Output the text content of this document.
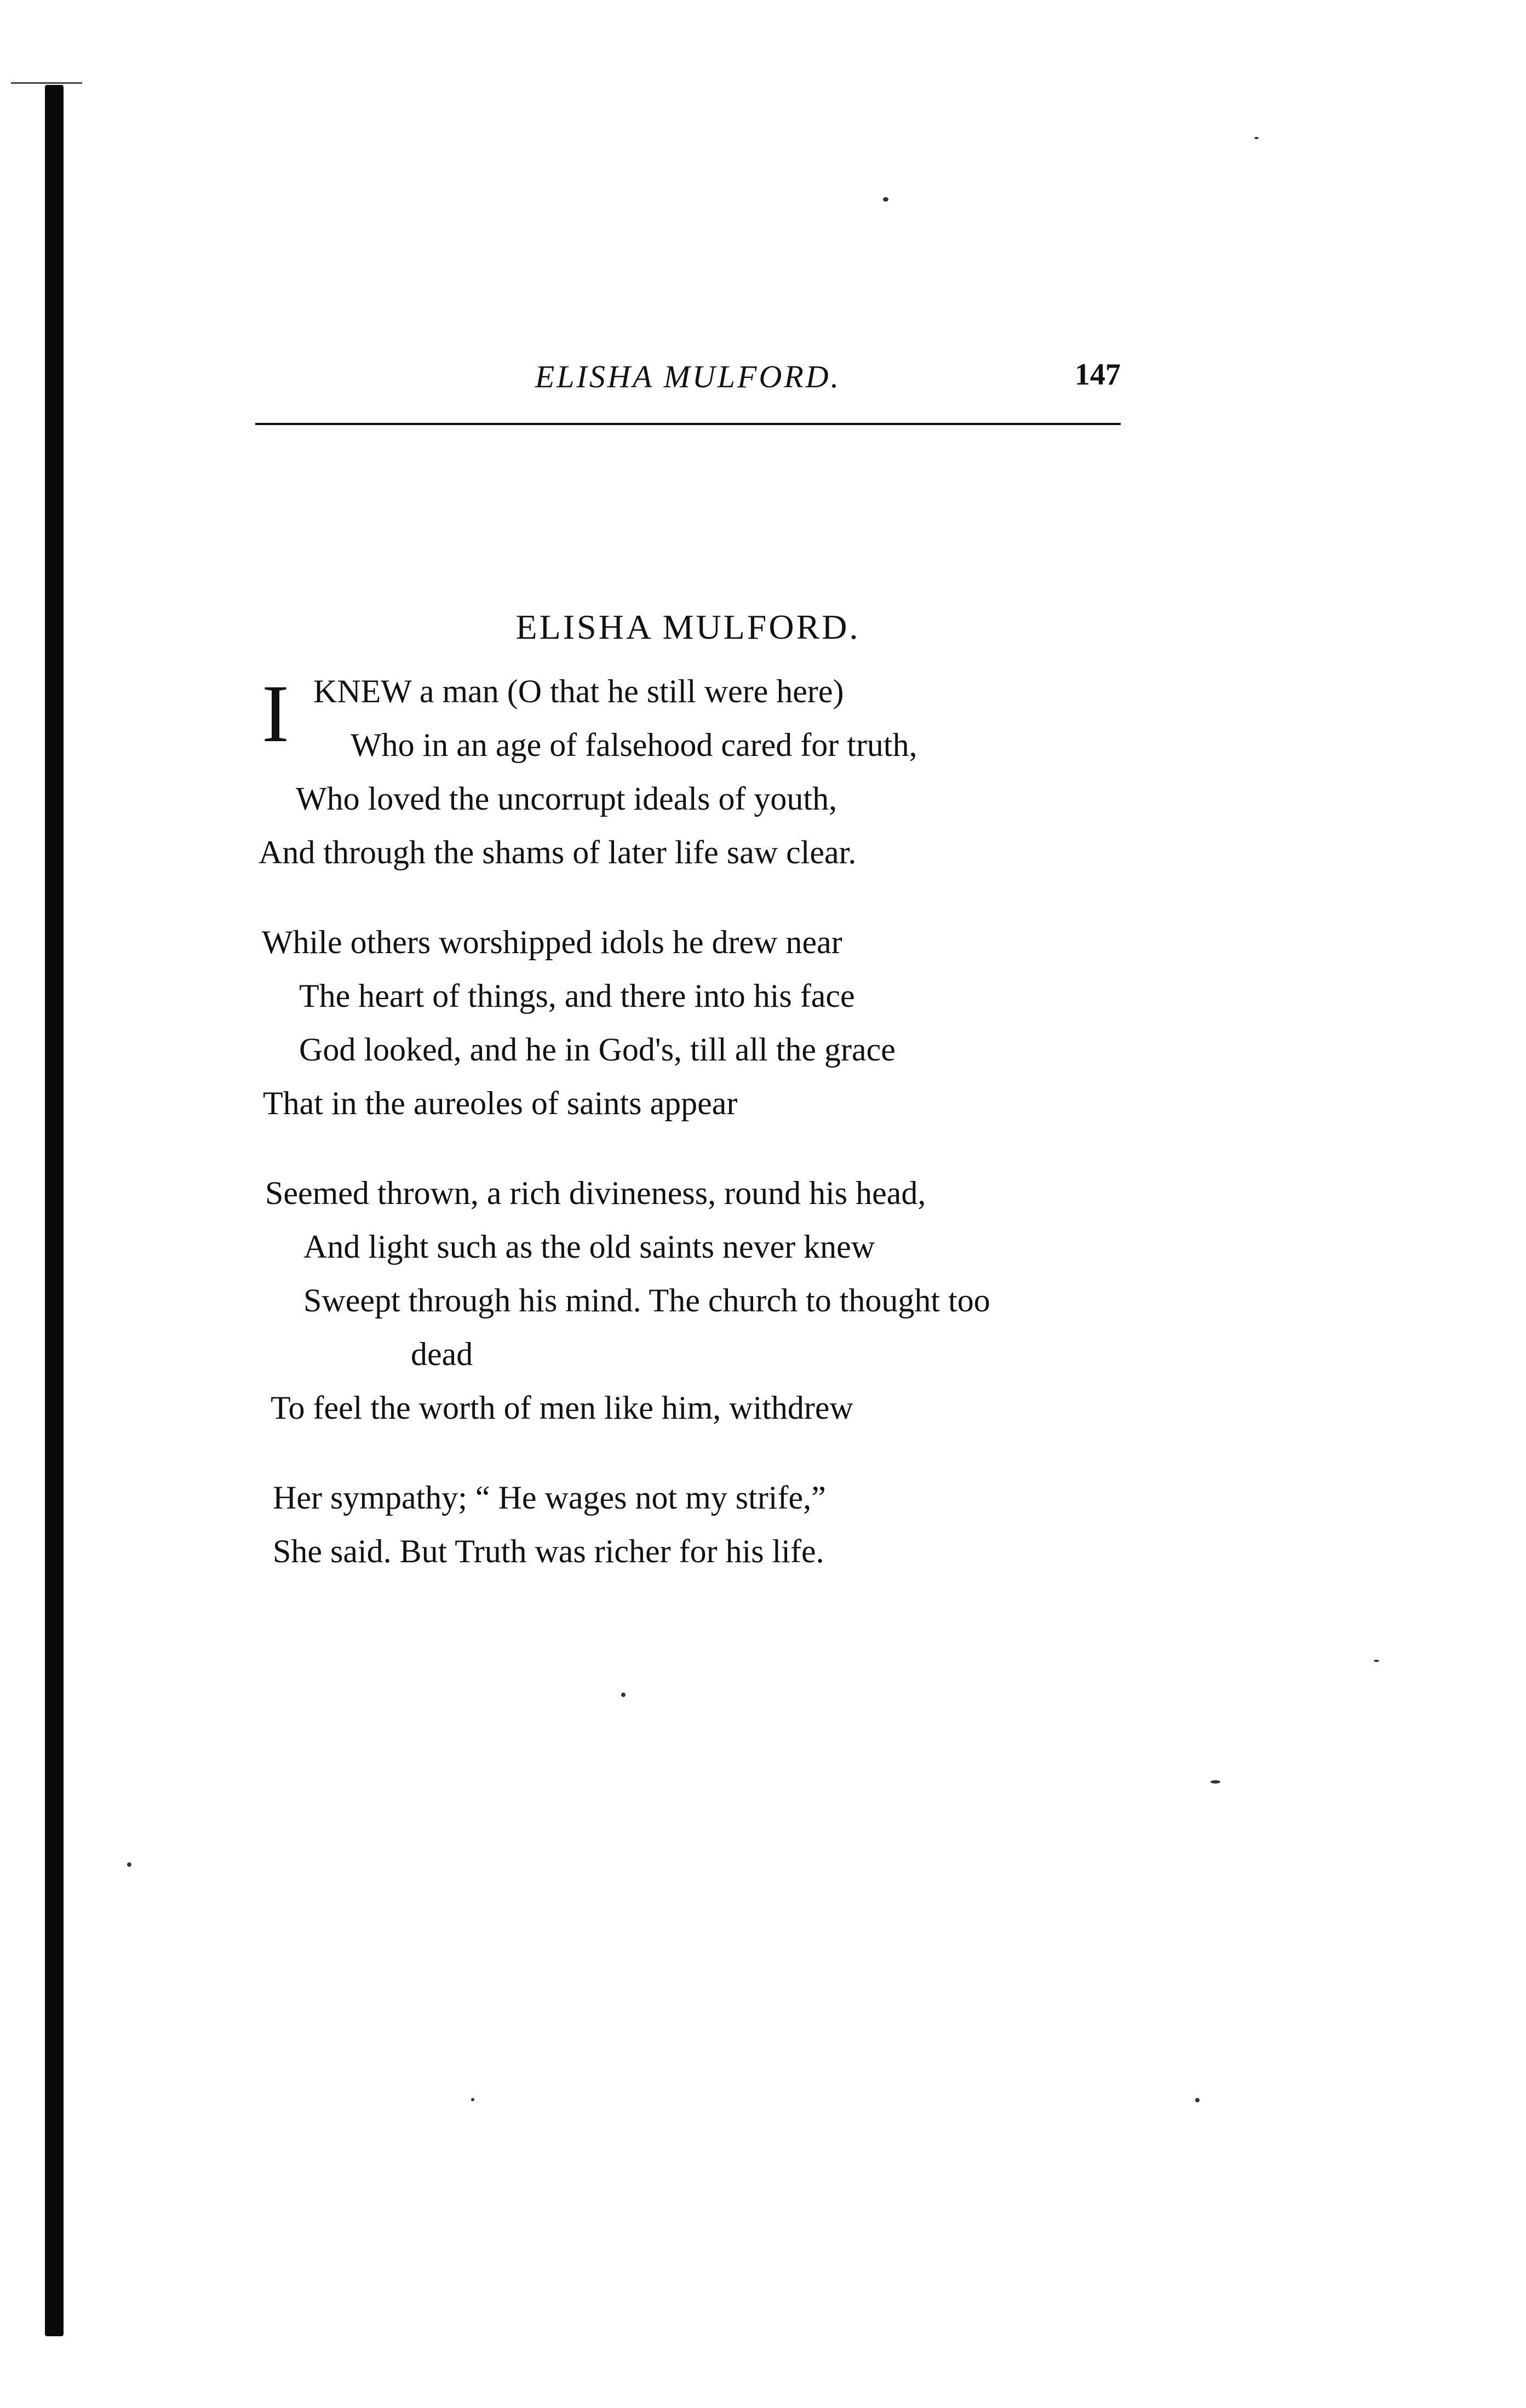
ELISHA MULFORD.	147
ELISHA MULFORD.
I KNEW a man (O that he still were here)
Who in an age of falsehood cared for truth,
Who loved the uncorrupt ideals of youth,
And through the shams of later life saw clear.
While others worshipped idols he drew near
The heart of things, and there into his face
God looked, and he in God's, till all the grace
That in the aureoles of saints appear
Seemed thrown, a rich divineness, round his head,
And light such as the old saints never knew
Sweept through his mind. The church to thought too
dead
To feel the worth of men like him, withdrew
Her sympathy; “ He wages not my strife,”
She said. But Truth was richer for his life.
